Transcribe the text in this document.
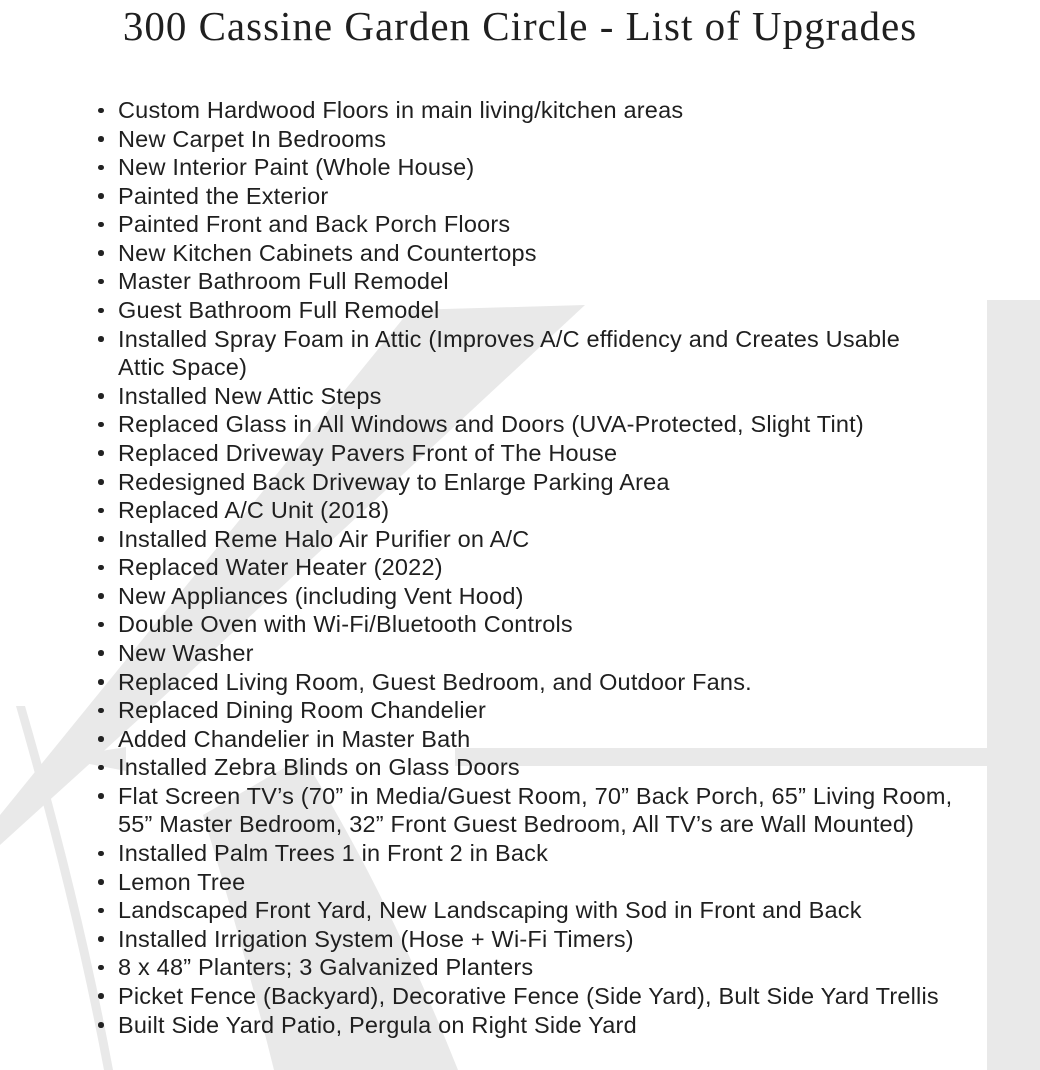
300 Cassine Garden Circle - List of Upgrades
Custom Hardwood Floors in main living/kitchen areas
New Carpet In Bedrooms
New Interior Paint (Whole House)
Painted the Exterior
Painted Front and Back Porch Floors
New Kitchen Cabinets and Countertops
Master Bathroom Full Remodel
Guest Bathroom Full Remodel
Installed Spray Foam in Attic (Improves A/C effidency and Creates Usable
Attic Space)
Installed New Attic Steps
Replaced Glass in All Windows and Doors (UVA-Protected, Slight Tint)
Replaced Driveway Pavers Front of The House
Redesigned Back Driveway to Enlarge Parking Area
Replaced A/C Unit (2018)
Installed Reme Halo Air Purifier on A/C
Replaced Water Heater (2022)
New Appliances (including Vent Hood)
Double Oven with Wi-Fi/Bluetooth Controls
New Washer
Replaced Living Room, Guest Bedroom, and Outdoor Fans.
Replaced Dining Room Chandelier
Added Chandelier in Master Bath
Installed Zebra Blinds on Glass Doors
Flat Screen TV’s (70” in Media/Guest Room, 70” Back Porch, 65” Living Room,
55” Master Bedroom, 32” Front Guest Bedroom, All TV’s are Wall Mounted)
Installed Palm Trees 1 in Front 2 in Back
Lemon Tree
Landscaped Front Yard, New Landscaping with Sod in Front and Back
Installed Irrigation System (Hose + Wi-Fi Timers)
8 x 48” Planters; 3 Galvanized Planters
Picket Fence (Backyard), Decorative Fence (Side Yard), Bult Side Yard Trellis
Built Side Yard Patio, Pergula on Right Side Yard
